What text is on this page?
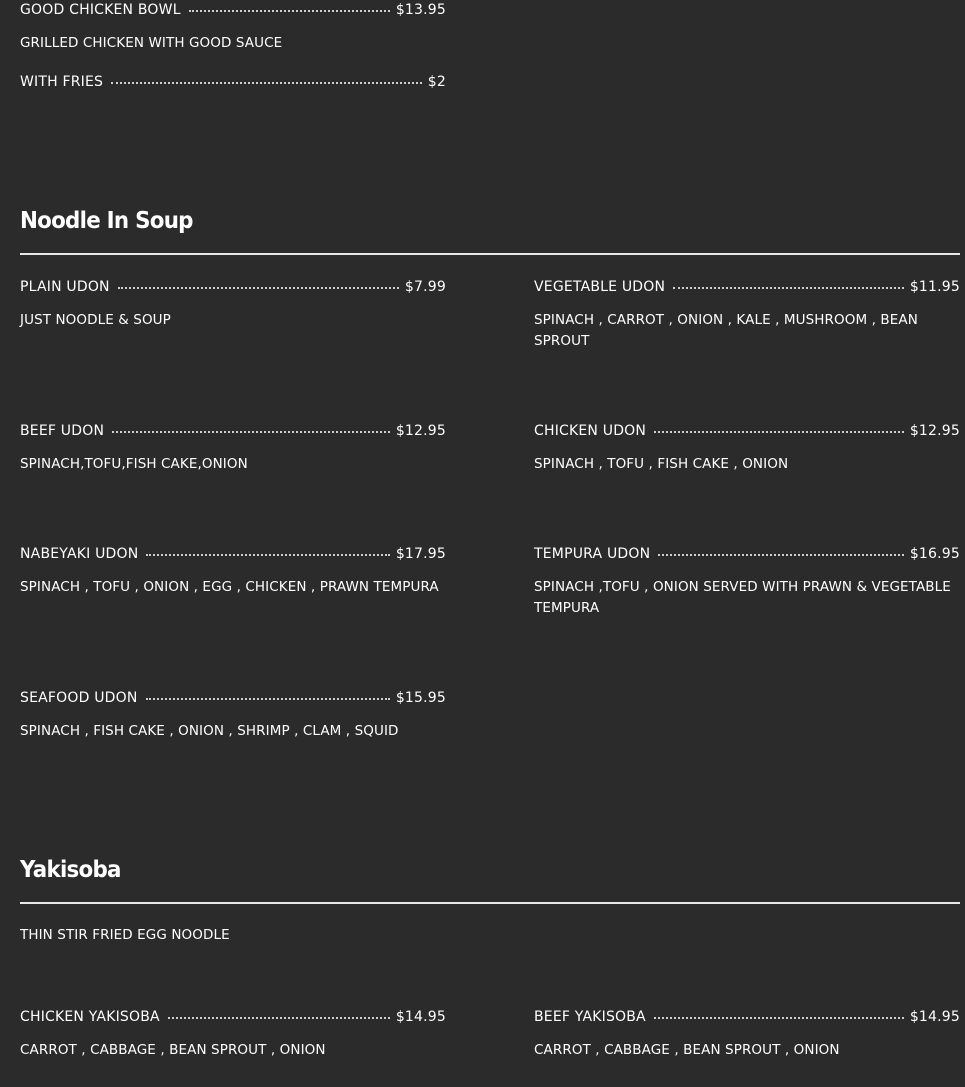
GOOD CHICKEN BOWL	$13.95
GRILLED CHICKEN WITH GOOD SAUCE
WITH FRIES	$2
Noodle In Soup
PLAIN UDON	$7.99
JUST NOODLE & SOUP
VEGETABLE UDON	$11.95
SPINACH , CARROT , ONION , KALE , MUSHROOM , BEAN SPROUT
BEEF UDON	$12.95
SPINACH,TOFU,FISH CAKE,ONION
CHICKEN UDON	$12.95
SPINACH , TOFU , FISH CAKE , ONION
NABEYAKI UDON	$17.95
SPINACH , TOFU , ONION , EGG , CHICKEN , PRAWN TEMPURA
TEMPURA UDON	$16.95
SPINACH ,TOFU , ONION SERVED WITH PRAWN & VEGETABLE TEMPURA
SEAFOOD UDON	$15.95
SPINACH , FISH CAKE , ONION , SHRIMP , CLAM , SQUID
Yakisoba
THIN STIR FRIED EGG NOODLE
CHICKEN YAKISOBA	$14.95
CARROT , CABBAGE , BEAN SPROUT , ONION
BEEF YAKISOBA	$14.95
CARROT , CABBAGE , BEAN SPROUT , ONION
